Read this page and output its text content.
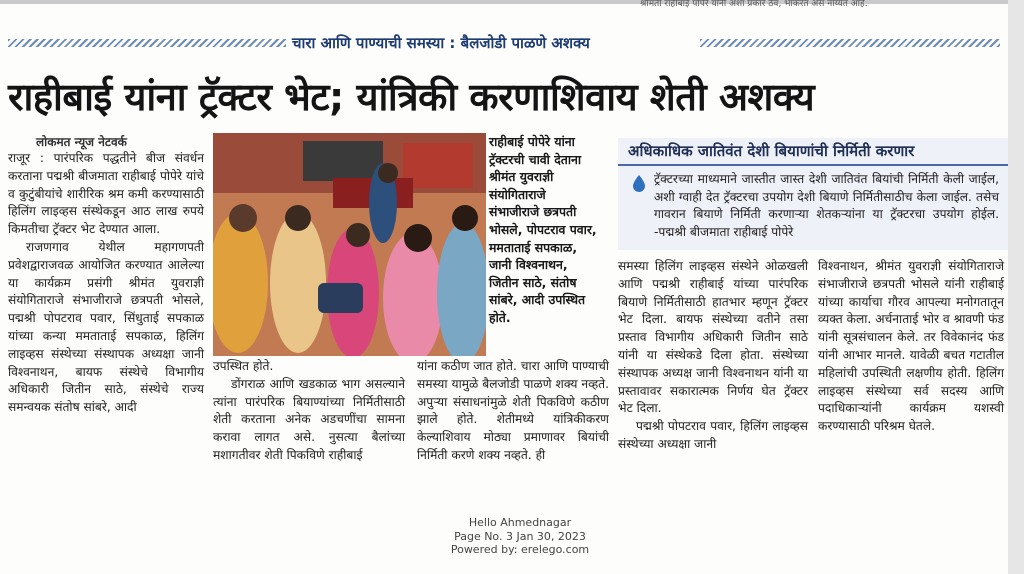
श्रीमती राहीबाई पोपेरे यांनी अशा प्रकारे ठेव, भाकरत अस नाय्यत आहे.
चारा आणि पाण्याची समस्या : बैलजोडी पाळणे अशक्य
राहीबाई यांना ट्रॅक्टर भेट; यांत्रिकी करणाशिवाय शेती अशक्य
लोकमत न्यूज नेटवर्क

राजूर : पारंपरिक पद्धतीने बीज संवर्धन करताना पद्मश्री बीजमाता राहीबाई पोपेरे यांचे व कुटुंबीयांचे शारीरिक श्रम कमी करण्यासाठी हिलिंग लाइव्हस संस्थेकडून आठ लाख रुपये किमतीचा ट्रॅक्टर भेट देण्यात आला.

राजणगाव येथील महागणपती प्रवेशद्वाराजवळ आयोजित करण्यात आलेल्या या कार्यक्रम प्रसंगी श्रीमंत युवराज्ञी संयोगिताराजे संभाजीराजे छत्रपती भोसले, पद्मश्री पोपटराव पवार, सिंधुताई सपकाळ यांच्या कन्या ममताताई सपकाळ, हिलिंग लाइव्हस संस्थेच्या संस्थापक अध्यक्षा जानी विश्वनाथन, बायफ संस्थेचे विभागीय अधिकारी जितीन साठे, संस्थेचे राज्य समन्वयक संतोष सांबरे, आदी

राहीबाई पोपेरे यांना ट्रॅक्टरची चावी देताना श्रीमंत युवराज्ञी संयोगिताराजे संभाजीराजे छत्रपती भोसले, पोपटराव पवार, ममताताई सपकाळ, जानी विश्वनाथन, जितीन साठे, संतोष सांबरे, आदी उपस्थित होते.

उपस्थित होते.

डोंगराळ आणि खडकाळ भाग असल्याने त्यांना पारंपरिक बियाण्यांच्या निर्मितीसाठी शेती करताना अनेक अडचणींचा सामना करावा लागत असे. नुसत्या बैलांच्या मशागतीवर शेती पिकविणे राहीबाई

यांना कठीण जात होते. चारा आणि पाण्याची समस्या यामुळे बैलजोडी पाळणे शक्य नव्हते. अपुऱ्या संसाधनांमुळे शेती पिकविणे कठीण झाले होते. शेतीमध्ये यांत्रिकीकरण केल्याशिवाय मोठ्या प्रमाणावर बियांची निर्मिती करणे शक्य नव्हते. ही

अधिकाधिक जातिवंत देशी बियाणांची निर्मिती करणार
ट्रॅक्टरच्या माध्यमाने जास्तीत जास्त देशी जातिवंत बियांची निर्मिती केली जाईल, अशी ग्वाही देत ट्रॅक्टरचा उपयोग देशी बियाणे निर्मितीसाठीच केला जाईल. तसेच गावरान बियाणे निर्मिती करणाऱ्या शेतकऱ्यांना या ट्रॅक्टरचा उपयोग होईल. -पद्मश्री बीजमाता राहीबाई पोपेरे

समस्या हिलिंग लाइव्हस संस्थेने ओळखली आणि पद्मश्री राहीबाई यांच्या पारंपरिक बियाणे निर्मितीसाठी हातभार म्हणून ट्रॅक्टर भेट दिला. बायफ संस्थेच्या वतीने तसा प्रस्ताव विभागीय अधिकारी जितीन साठे यांनी या संस्थेकडे दिला होता. संस्थेच्या संस्थापक अध्यक्ष जानी विश्वनाथन यांनी या प्रस्तावावर सकारात्मक निर्णय घेत ट्रॅक्टर भेट दिला.

पद्मश्री पोपटराव पवार, हिलिंग लाइव्हस संस्थेच्या अध्यक्षा जानी

विश्वनाथन, श्रीमंत युवराज्ञी संयोगिताराजे संभाजीराजे छत्रपती भोसले यांनी राहीबाई यांच्या कार्याचा गौरव आपल्या मनोगतातून व्यक्त केला. अर्चनाताई भोर व श्रावणी फंड यांनी सूत्रसंचालन केले. तर विवेकानंद फंड यांनी आभार मानले. यावेळी बचत गटातील महिलांची उपस्थिती लक्षणीय होती. हिलिंग लाइव्हस संस्थेच्या सर्व सदस्य आणि पदाधिकाऱ्यांनी कार्यक्रम यशस्वी करण्यासाठी परिश्रम घेतले.

Hello Ahmednagar
Page No. 3 Jan 30, 2023
Powered by: erelego.com
